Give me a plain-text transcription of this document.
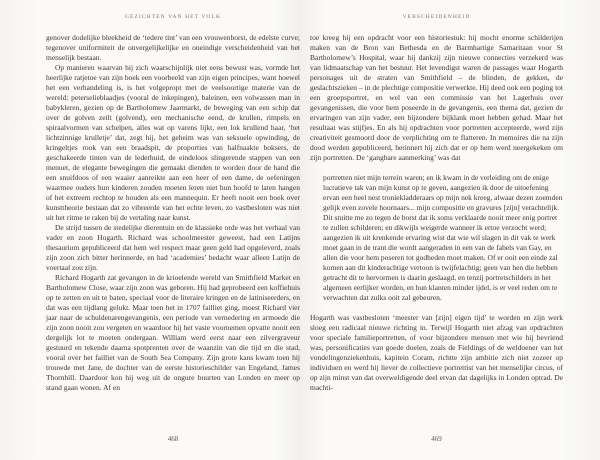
GEZICHTEN VAN HET VOLK

genover dodelijke bleekheid de ‘tedere tint’ van een vrouwenborst, de edelste curve; tegenover uniformiteit de onvergelijkelijke en oneindige verscheidenheid van het menselijk bestaan.

Op manieren waarvan hij zich waarschijnlijk niet eens bewust was, vormde het heerlijke ratjetoe van zijn boek een voorbeeld van zijn eigen principes, want hoewel het een verhandeling is, is het volgepropt met de veelsoortige materie van de wereld: peterselieblaadjes (vooral de inkepingen), baleinen, een volwassen man in babykleren, gezien op de Bartholomew Jaarmarkt, de beweging van een schip dat over de golven zeilt (golvend), een mechanische eend, de krullen, rimpels en spiraalvormen van schelpen, alles wat op varens lijkt, een lok krullend haar, ‘het lichtzinnige krulletje’ dat, zegt hij, het geheim was van seksuele opwinding, de kringeltjes rook van een braadspit, de proporties van halfnaakte boksers, de geschakeerde tinten van de lederhuid, de eindeloos slingerende stappen van een menuet, de elegante bewegingen die gemaakt dienden te worden door de hand die een snuifdoos of een waaier aanreikte aan een heer of een dame, de oefeningen waarmee ouders hun kinderen zouden moeten leren niet hun hoofd te laten hangen of het extreem rechtop te houden als een mannequin. Er heeft nooit een boek over kunsttheorie bestaan dat zo vibreerde van het echte leven, zo vastbesloten was niet uit het ritme te raken bij de vertaling naar kunst.

De strijd tussen de stedelijke dierentuin en de klassieke orde was het verhaal van vader en zoon Hogarth. Richard was schoolmeester geweest, had een Latijns thesaurium gepubliceerd dat hem wel respect maar geen geld had opgeleverd, zoals zijn zoon zich bitter herinnerde, en had ‘academies’ bedacht waar alleen Latijn de voertaal zou zijn.

Richard Hogarth zat gevangen in de krioelende wereld van Smithfield Market en Bartholomew Close, waar zijn zoon was geboren. Hij had geprobeerd een koffiehuis op te zetten en uit te baten, speciaal voor de literaire kringen en de latiniseerders, en dat was een tijdlang gelukt. Maar toen het in 1707 failliet ging, moest Richard vier jaar naar de schuldenarengevangenis, een periode van vernedering en armoede die zijn zoon nooit zou vergeten en waardoor hij het vaste voornemen opvatte nooit een dergelijk lot te moeten ondergaan. William werd eerst naar een zilvergraveur gestuurd en tekende daarna spotprenten over de waanzin van die tijd en die stad, vooral over het failliet van de South Sea Company. Zijn grote kans kwam toen hij trouwde met Jane, de dochter van de eerste historieschilder van Engeland, James Thornhill. Daardoor kon hij weg uit de ongure buurten van Londen en meer op stand gaan wonen. Af en

468
VERSCHEIDENHEID

toe kreeg hij een opdracht voor een historiestuk: hij mocht enorme schilderijen maken van de Bron van Bethesda en de Barmhartige Samaritaan voor St Bartholomew’s Hospital, waar hij dankzij zijn nieuwe connecties verzekerd was van lidmaatschap van het bestuur. Het levendigst waren de passages waar Hogarth personages uit de straten van Smithfield – de blinden, de gekken, de geslachtszieken – in de plechtige compositie verwerkte. Hij deed ook een poging tot een groepsportret, en wel van een commissie van het Lagerhuis over gevangenissen, die voor hem poseerde in de gevangenis, een thema dat, gezien de ervaringen van zijn vader, een bijzondere bijklank moet hebben gehad. Maar het resultaat was stijfjes. En als hij opdrachten voor portretten accepteerde, werd zijn creativiteit gesmoord door de verplichting om te flatteren. In memoires die na zijn dood werden gepubliceerd, herinnert hij zich dat er op hem werd neergekeken om zijn portretten. De ‘gangbare aanmerking’ was dat

portretten niet mijn terrein waren; en ik kwam in de verleiding om de enige lucratieve tak van mijn kunst op te geven, aangezien ik door de uitoefening ervan een heel nest troniekladderaars op mijn nek kreeg, alwaar dezen zoemden gelijk even zovele hoornaars... mijn compositie en gravures [zijn] verachtelijk. Dit stuitte me zo tegen de borst dat ik soms verklaarde nooit meer enig portret te zullen schilderen; en dikwijls weigerde wanneer ik ertoe verzocht werd; aangezien ik uit krenkende ervaring wist dat wie wil slagen in dit vak te werk moet gaan in de trant die wordt aangeraden in een van de fabels van Gay, en allen die voor hem poseren tot godheden moet maken. Of er ooit een einde zal komen aan dit kinderachtige vertoon is twijfelachtig; geen van hen die hebben getracht dit te hervormen is daarin geslaagd, en tenzij portretschilders in het algemeen eerlijker worden, en hun klanten minder ijdel, is er veel reden om te verwachten dat zulks ooit zal gebeuren.

Hogarth was vastbesloten ‘meester van [zijn] eigen tijd’ te worden en zijn werk sloeg een radicaal nieuwe richting in. Terwijl Hogarth niet afzag van opdrachten voor speciale familieportretten, of voor bijzondere mensen met wie hij bevriend was, personificaties van goede doelen, zoals de Fieldings of de weldoener van het vondelingenziekenhuis, kapitein Coram, richtte zijn ambitie zich niet zozeer op individuen en werd hij liever de collectieve portrettist van het menselijke circus, of op zijn minst van dat overweldigende deel ervan dat dagelijks in Londen optrad. De machti-

469
